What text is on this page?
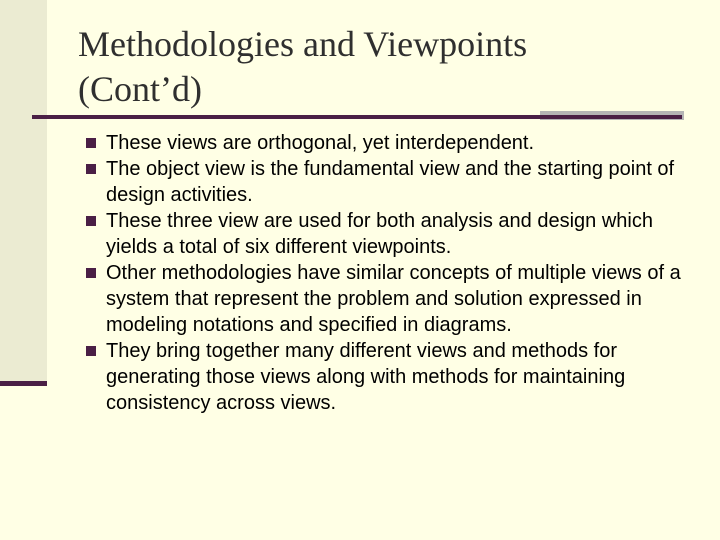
Methodologies and Viewpoints
(Cont’d)
These views are orthogonal, yet interdependent.
The object view is the fundamental view and the starting point of design activities.
These three view are used for both analysis and design which yields a total of six different viewpoints.
Other methodologies have similar concepts of multiple views of a system that represent the problem and solution expressed in modeling notations and specified in diagrams.
They bring together many different views and methods for generating those views along with methods for maintaining consistency across views.
